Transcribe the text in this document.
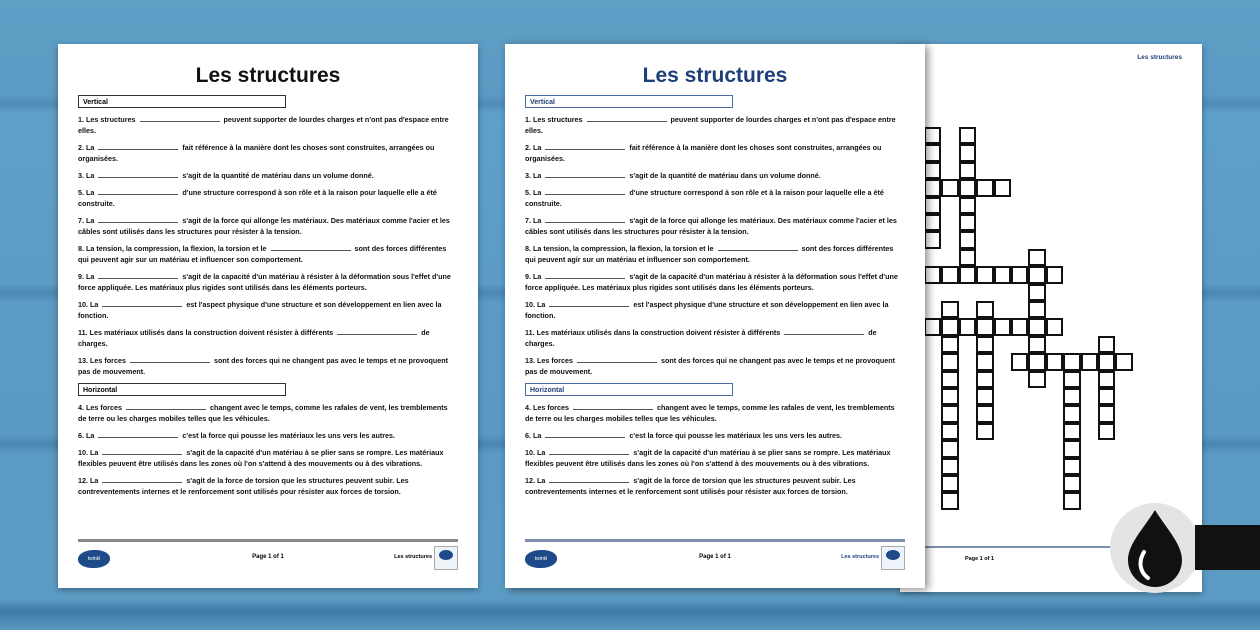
Les structures
Page 1 of 1
Les structures
Vertical
1. Les structures	peuvent supporter de lourdes charges et n'ont pas d'espace entre elles.
2. La	fait référence à la manière dont les choses sont construites, arrangées ou organisées.
3. La	s'agit de la quantité de matériau dans un volume donné.
5. La	d'une structure correspond à son rôle et à la raison pour laquelle elle a été construite.
7. La	s'agit de la force qui allonge les matériaux. Des matériaux comme l'acier et les câbles sont utilisés dans les structures pour résister à la tension.
8. La tension, la compression, la flexion, la torsion et le	sont des forces différentes qui peuvent agir sur un matériau et influencer son comportement.
9. La	s'agit de la capacité d'un matériau à résister à la déformation sous l'effet d'une force appliquée. Les matériaux plus rigides sont utilisés dans les éléments porteurs.
10. La	est l'aspect physique d'une structure et son développement en lien avec la fonction.
11. Les matériaux utilisés dans la construction doivent résister à différents	de charges.
13. Les forces	sont des forces qui ne changent pas avec le temps et ne provoquent pas de mouvement.
Horizontal
4. Les forces	changent avec le temps, comme les rafales de vent, les tremblements de terre ou les charges mobiles telles que les véhicules.
6. La	c'est la force qui pousse les matériaux les uns vers les autres.
10. La	s'agit de la capacité d'un matériau à se plier sans se rompre. Les matériaux flexibles peuvent être utilisés dans les zones où l'on s'attend à des mouvements ou à des vibrations.
12. La	s'agit de la force de torsion que les structures peuvent subir. Les contreventements internes et le renforcement sont utilisés pour résister aux forces de torsion.
twinkl	Page 1 of 1	Les structures
Les structures
Vertical
1. Les structures	peuvent supporter de lourdes charges et n'ont pas d'espace entre elles.
2. La	fait référence à la manière dont les choses sont construites, arrangées ou organisées.
3. La	s'agit de la quantité de matériau dans un volume donné.
5. La	d'une structure correspond à son rôle et à la raison pour laquelle elle a été construite.
7. La	s'agit de la force qui allonge les matériaux. Des matériaux comme l'acier et les câbles sont utilisés dans les structures pour résister à la tension.
8. La tension, la compression, la flexion, la torsion et le	sont des forces différentes qui peuvent agir sur un matériau et influencer son comportement.
9. La	s'agit de la capacité d'un matériau à résister à la déformation sous l'effet d'une force appliquée. Les matériaux plus rigides sont utilisés dans les éléments porteurs.
10. La	est l'aspect physique d'une structure et son développement en lien avec la fonction.
11. Les matériaux utilisés dans la construction doivent résister à différents	de charges.
13. Les forces	sont des forces qui ne changent pas avec le temps et ne provoquent pas de mouvement.
Horizontal
4. Les forces	changent avec le temps, comme les rafales de vent, les tremblements de terre ou les charges mobiles telles que les véhicules.
6. La	c'est la force qui pousse les matériaux les uns vers les autres.
10. La	s'agit de la capacité d'un matériau à se plier sans se rompre. Les matériaux flexibles peuvent être utilisés dans les zones où l'on s'attend à des mouvements ou à des vibrations.
12. La	s'agit de la force de torsion que les structures peuvent subir. Les contreventements internes et le renforcement sont utilisés pour résister aux forces de torsion.
twinkl	Page 1 of 1	Les structures
